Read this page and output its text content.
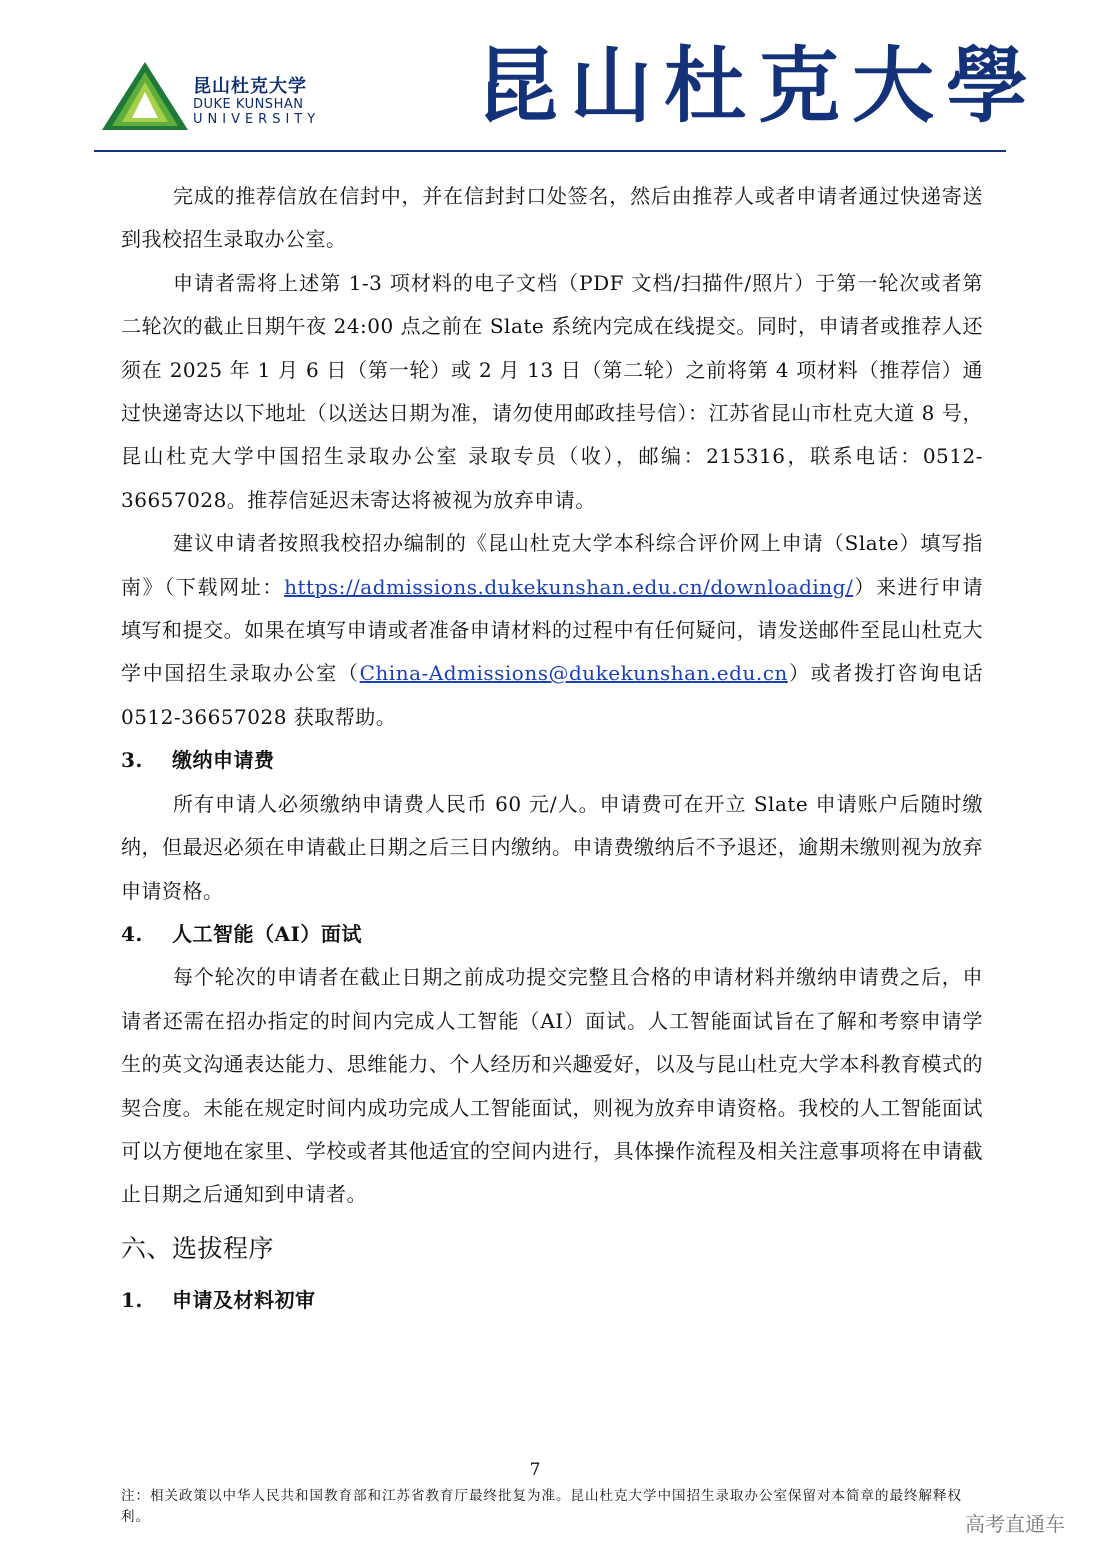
昆山杜克大学
DUKE KUNSHAN
UNIVERSITY 昆山杜克大學

完成的推荐信放在信封中，并在信封封口处签名，然后由推荐人或者申请者通过快递寄送到我校招生录取办公室。

申请者需将上述第 1-3 项材料的电子文档（PDF 文档/扫描件/照片）于第一轮次或者第二轮次的截止日期午夜 24:00 点之前在 Slate 系统内完成在线提交。同时，申请者或推荐人还须在 2025 年 1 月 6 日（第一轮）或 2 月 13 日（第二轮）之前将第 4 项材料（推荐信）通过快递寄达以下地址（以送达日期为准，请勿使用邮政挂号信）：江苏省昆山市杜克大道 8 号，昆山杜克大学中国招生录取办公室 录取专员（收），邮编：215316，联系电话：0512-36657028。推荐信延迟未寄达将被视为放弃申请。

建议申请者按照我校招办编制的《昆山杜克大学本科综合评价网上申请（Slate）填写指南》（下载网址：https://admissions.dukekunshan.edu.cn/downloading/）来进行申请填写和提交。如果在填写申请或者准备申请材料的过程中有任何疑问，请发送邮件至昆山杜克大学中国招生录取办公室（China-Admissions@dukekunshan.edu.cn）或者拨打咨询电话 0512-36657028 获取帮助。

3.	缴纳申请费

所有申请人必须缴纳申请费人民币 60 元/人。申请费可在开立 Slate 申请账户后随时缴纳，但最迟必须在申请截止日期之后三日内缴纳。申请费缴纳后不予退还，逾期未缴则视为放弃申请资格。

4.	人工智能（AI）面试

每个轮次的申请者在截止日期之前成功提交完整且合格的申请材料并缴纳申请费之后，申请者还需在招办指定的时间内完成人工智能（AI）面试。人工智能面试旨在了解和考察申请学生的英文沟通表达能力、思维能力、个人经历和兴趣爱好，以及与昆山杜克大学本科教育模式的契合度。未能在规定时间内成功完成人工智能面试，则视为放弃申请资格。我校的人工智能面试可以方便地在家里、学校或者其他适宜的空间内进行，具体操作流程及相关注意事项将在申请截止日期之后通知到申请者。

六、选拔程序
1.	申请及材料初审
7
注：相关政策以中华人民共和国教育部和江苏省教育厅最终批复为准。昆山杜克大学中国招生录取办公室保留对本简章的最终解释权利。	高考直通车
